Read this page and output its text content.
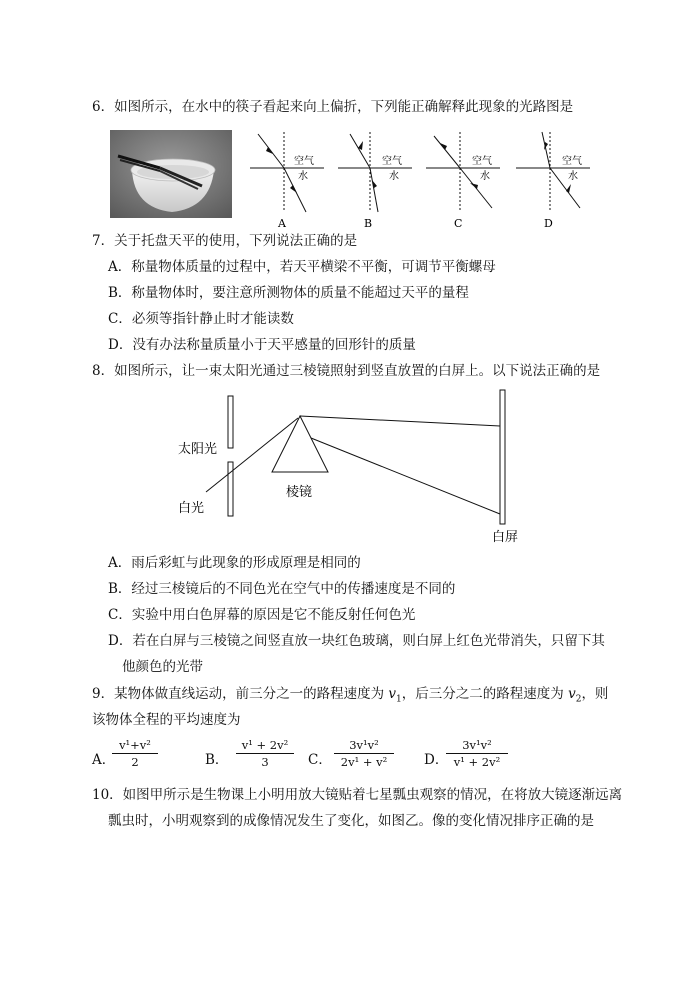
6．如图所示，在水中的筷子看起来向上偏折，下列能正确解释此现象的光路图是
空气
水
A
空气
水
B
空气
水
C
空气
水
D
7．关于托盘天平的使用，下列说法正确的是
A．称量物体质量的过程中，若天平横梁不平衡，可调节平衡螺母
B．称量物体时，要注意所测物体的质量不能超过天平的量程
C．必须等指针静止时才能读数
D．没有办法称量质量小于天平感量的回形针的质量
8．如图所示，让一束太阳光通过三棱镜照射到竖直放置的白屏上。以下说法正确的是
太阳光
白光
棱镜
白屏
A．雨后彩虹与此现象的形成原理是相同的
B．经过三棱镜后的不同色光在空气中的传播速度是不同的
C．实验中用白色屏幕的原因是它不能反射任何色光
D．若在白屏与三棱镜之间竖直放一块红色玻璃，则白屏上红色光带消失，只留下其
他颜色的光带
9．某物体做直线运动，前三分之一的路程速度为 $v_1$，后三分之二的路程速度为 $v_2$，则
该物体全程的平均速度为
A．
$\frac{\text{v¹+v²}}{2}$	B． $\frac{\text{v¹ + 2v²}}{3}$ C． $\frac{\text{3v¹v²}}{\text{2v¹ + v²}}$ D．
$\frac{\text{3v¹v²}}{\text{v¹ + 2v²}}$
10．如图甲所示是生物课上小明用放大镜贴着七星瓢虫观察的情况，在将放大镜逐渐远离
瓢虫时，小明观察到的成像情况发生了变化，如图乙。像的变化情况排序正确的是
